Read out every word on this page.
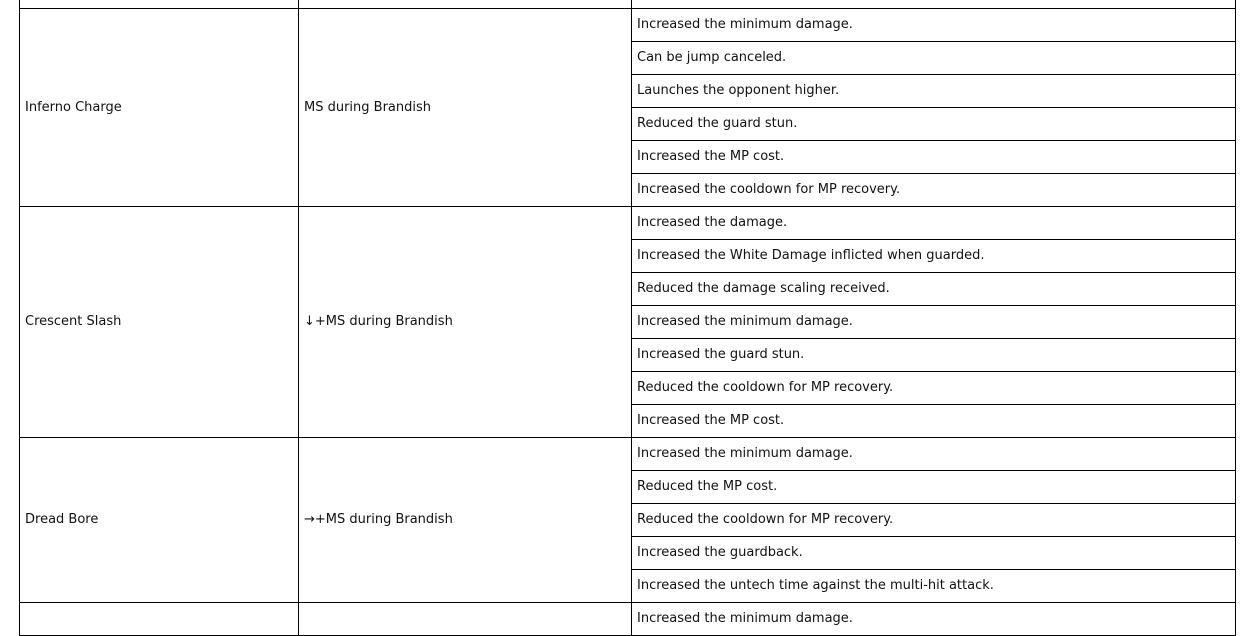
Inferno Charge	MS during Brandish	Increased the minimum damage.
		Can be jump canceled.
		Launches the opponent higher.
		Reduced the guard stun.
		Increased the MP cost.
		Increased the cooldown for MP recovery.
Crescent Slash	↓+MS during Brandish	Increased the damage.
		Increased the White Damage inflicted when guarded.
		Reduced the damage scaling received.
		Increased the minimum damage.
		Increased the guard stun.
		Reduced the cooldown for MP recovery.
		Increased the MP cost.
Dread Bore	→+MS during Brandish	Increased the minimum damage.
		Reduced the MP cost.
		Reduced the cooldown for MP recovery.
		Increased the guardback.
		Increased the untech time against the multi-hit attack.
		Increased the minimum damage.
